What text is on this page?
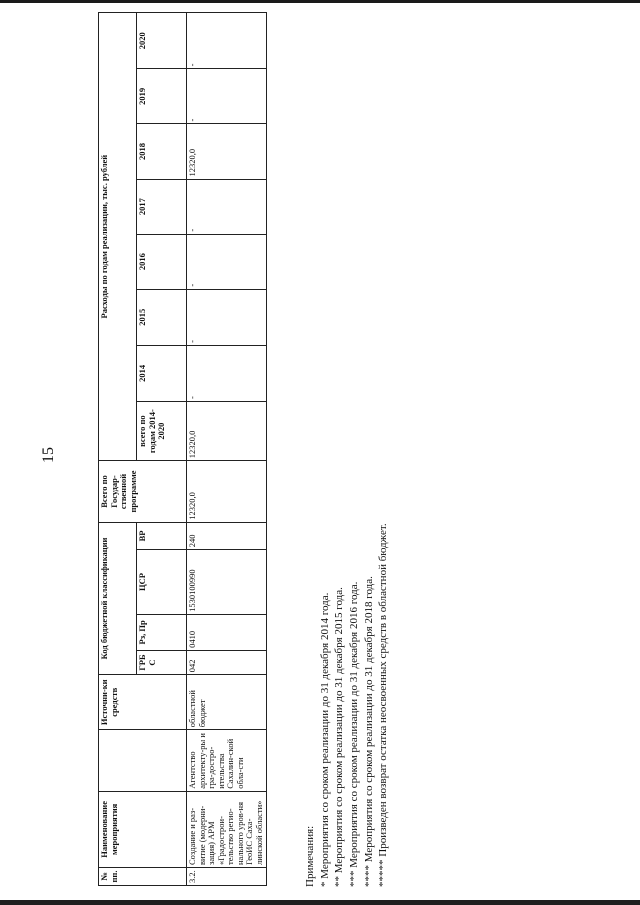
15
№ пп.	Наименование мероприятия		Источни-ки средств	Код бюджетной классификации				Всего по Государ-ственной программе	Расходы по годам реализации, тыс. рублей							
				ГРБ С	Рз, Пр	ЦСР	ВР		всего по годам 2014-2020	2014	2015	2016	2017	2018	2019	2020
3.2.	Создание и раз-витие (модерни-зация) АРМ «Градострои-тельство регио-нального уров-ня ГеоИС Саха-линской области»	Агентство архитекту-ры и гра-достро-ительства Сахалин-ской обла-сти	областной бюджет	042	0410	1530100990	240	12320,0	12320,0	-	-	-	-	12320,0	-	-
Примечания: * Мероприятия со сроком реализации до 31 декабря 2014 года. ** Мероприятия со сроком реализации до 31 декабря 2015 года. *** Мероприятия со сроком реализации до 31 декабря 2016 года. **** Мероприятия со сроком реализации до 31 декабря 2018 года. ***** Произведен возврат остатка неосвоенных средств в областной бюджет.
